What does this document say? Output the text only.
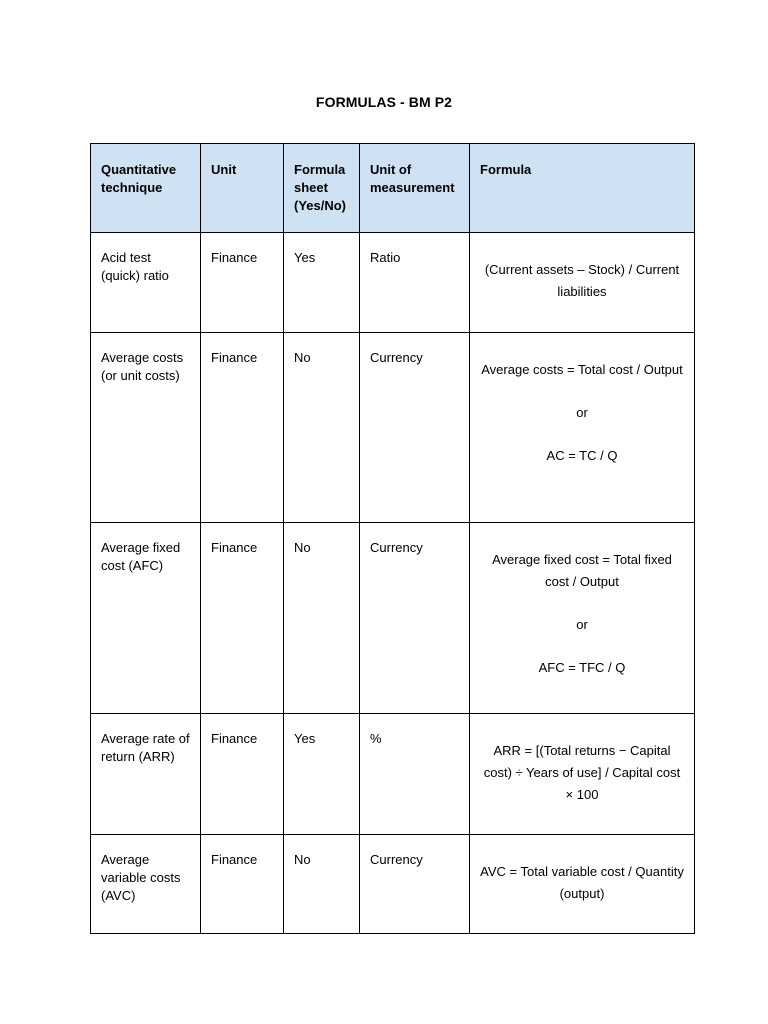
FORMULAS - BM P2
Quantitative technique	Unit	Formula sheet (Yes/No)	Unit of measurement	Formula
Acid test (quick) ratio	Finance	Yes	Ratio	(Current assets – Stock) / Current liabilities

Average costs (or unit costs)	Finance	No	Currency	Average costs = Total cost / Output
or
AC = TC / Q

Average fixed cost (AFC)	Finance	No	Currency	Average fixed cost = Total fixed cost / Output
or
AFC = TFC / Q

Average rate of return (ARR)	Finance	Yes	%	ARR = [(Total returns − Capital cost) ÷ Years of use] / Capital cost × 100

Average variable costs (AVC)	Finance	No	Currency	AVC = Total variable cost / Quantity (output)
